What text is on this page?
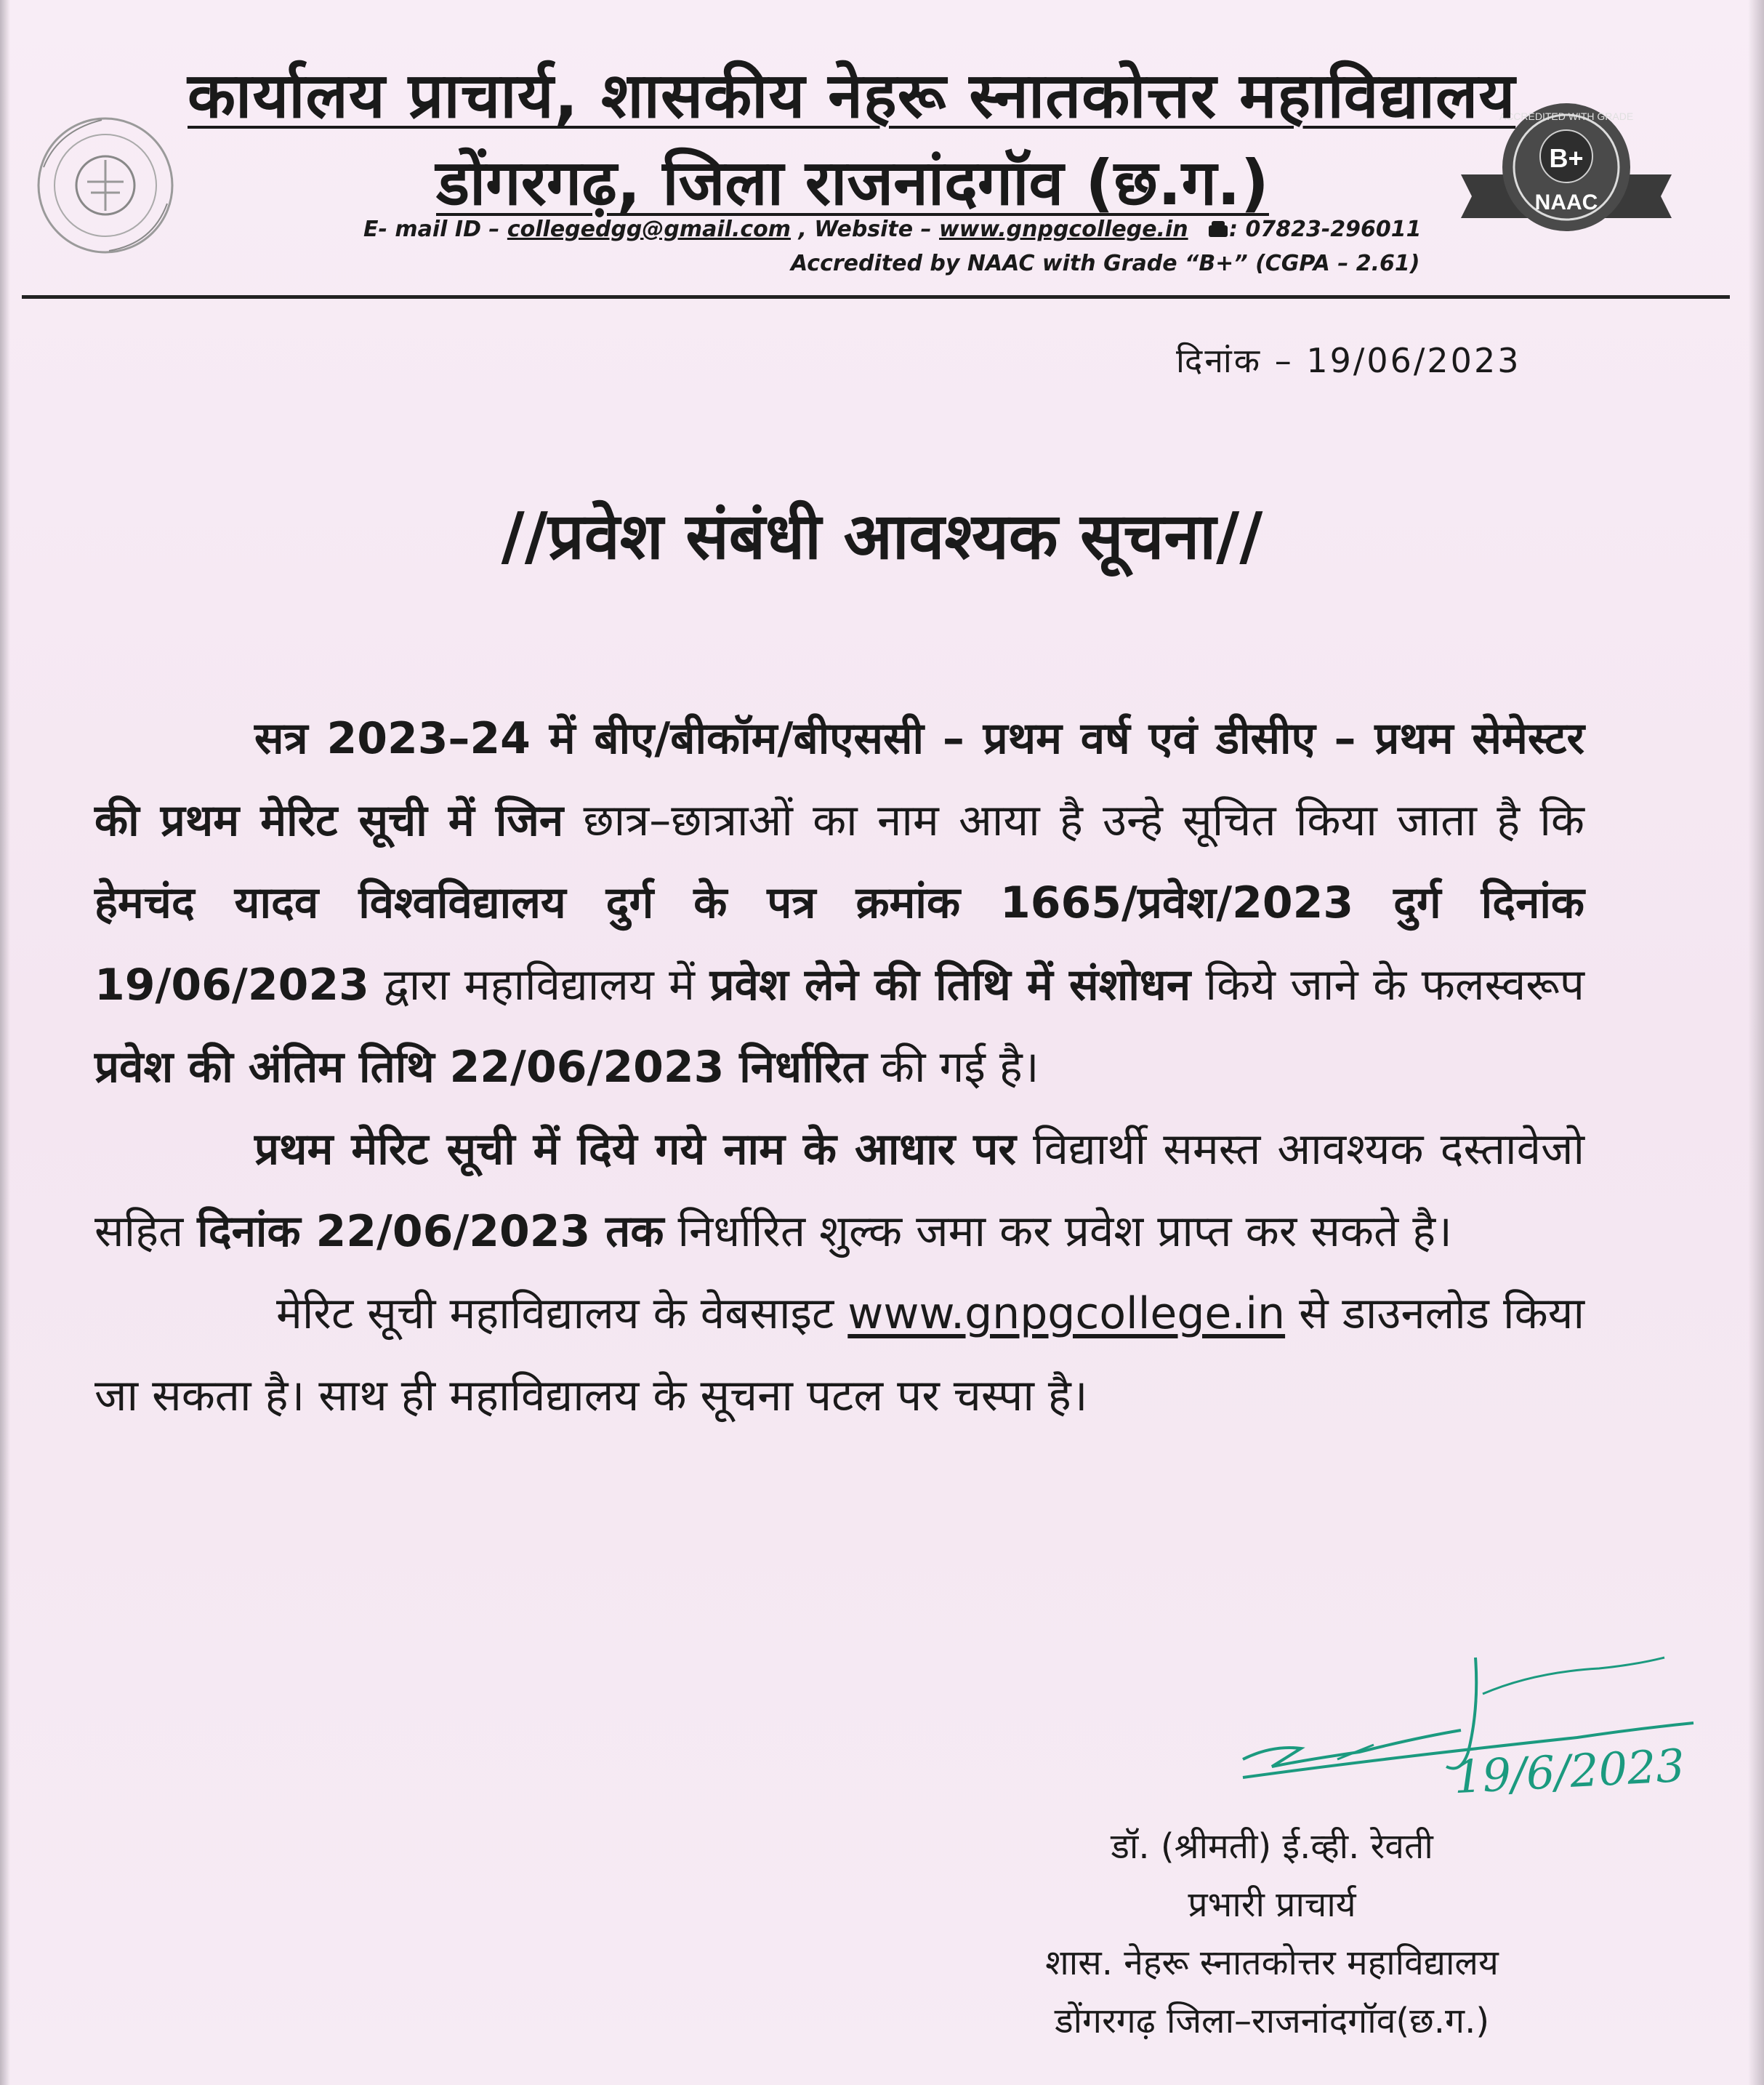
B+
NAAC
ACCREDITED WITH GRADE
कार्यालय प्राचार्य, शासकीय नेहरू स्नातकोत्तर महाविद्यालय
डोंगरगढ़, जिला राजनांदगॉव (छ.ग.)
E- mail ID – collegedgg@gmail.com , Website – www.gnpgcollege.in : 07823-296011
Accredited by NAAC with Grade “B+” (CGPA – 2.61)
दिनांक – 19/06/2023
//प्रवेश संबंधी आवश्यक सूचना//

सत्र 2023–24 में बीए/बीकॉम/बीएससी – प्रथम वर्ष एवं डीसीए – प्रथम सेमेस्टर की प्रथम मेरिट सूची में जिन छात्र–छात्राओं का नाम आया है उन्हे सूचित किया जाता है कि हेमचंद यादव विश्वविद्यालय दुर्ग के पत्र क्रमांक 1665/प्रवेश/2023 दुर्ग दिनांक 19/06/2023 द्वारा महाविद्यालय में प्रवेश लेने की तिथि में संशोधन किये जाने के फलस्वरूप प्रवेश की अंतिम तिथि 22/06/2023 निर्धारित की गई है।

प्रथम मेरिट सूची में दिये गये नाम के आधार पर विद्यार्थी समस्त आवश्यक दस्तावेजो सहित दिनांक 22/06/2023 तक निर्धारित शुल्क जमा कर प्रवेश प्राप्त कर सकते है।

मेरिट सूची महाविद्यालय के वेबसाइट www.gnpgcollege.in से डाउनलोड किया जा सकता है। साथ ही महाविद्यालय के सूचना पटल पर चस्पा है।

19/6/2023
डॉ. (श्रीमती) ई.व्ही. रेवती
प्रभारी प्राचार्य
शास. नेहरू स्नातकोत्तर महाविद्यालय
डोंगरगढ़ जिला–राजनांदगॉव(छ.ग.)
